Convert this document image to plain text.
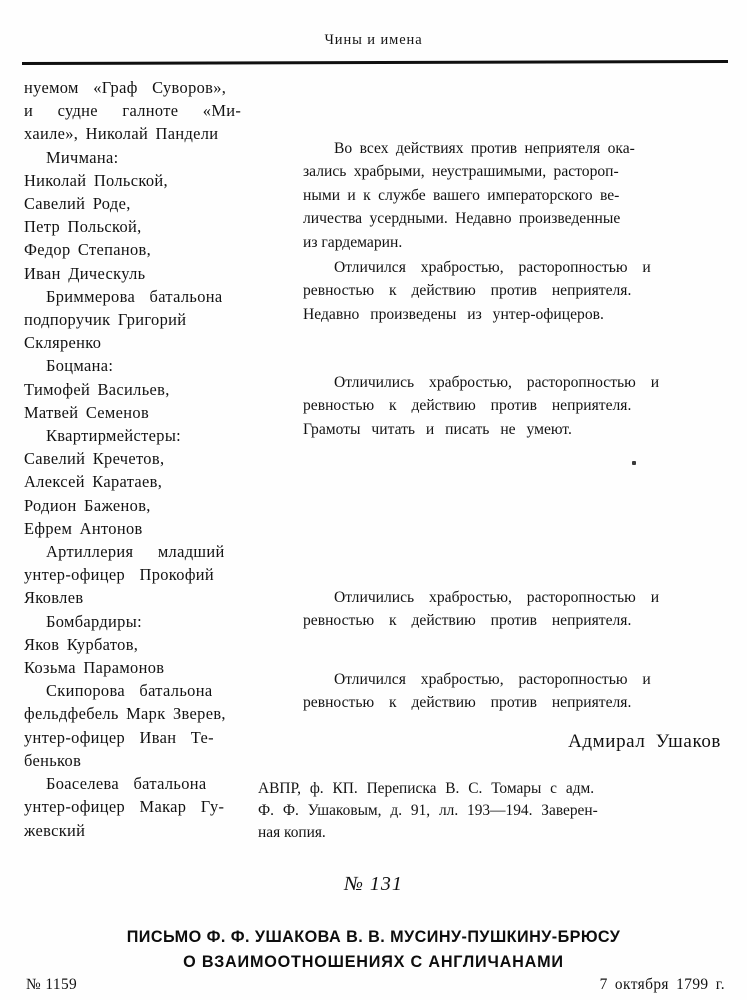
Чины и имена
нуемом «Граф Суворов»,
и судне галноте «Ми-
хаиле», Николай Пандели
Мичмана:
Николай Польской,
Савелий Роде,
Петр Польской,
Федор Степанов,
Иван Дическуль
Бриммерова батальона
подпоручик Григорий
Скляренко
Боцмана:
Тимофей Васильев,
Матвей Семенов
Квартирмейстеры:
Савелий Кречетов,
Алексей Каратаев,
Родион Баженов,
Ефрем Антонов
Артиллерия младший
унтер-офицер Прокофий
Яковлев
Бомбардиры:
Яков Курбатов,
Козьма Парамонов
Скипорова батальона
фельдфебель Марк Зверев,
унтер-офицер Иван Те-
беньков
Боаселева батальона
унтер-офицер Макар Гу-
жевский
Во всех действиях против неприятеля ока-
зались храбрыми, неустрашимыми, растороп-
ными и к службе вашего императорского ве-
личества усердными. Недавно произведенные
из гардемарин.
Отличился храбростью, расторопностью и
ревностью к действию против неприятеля.
Недавно произведены из унтер-офицеров.
Отличились храбростью, расторопностью и
ревностью к действию против неприятеля.
Грамоты читать и писать не умеют.
Отличились храбростью, расторопностью и
ревностью к действию против неприятеля.
Отличился храбростью, расторопностью и
ревностью к действию против неприятеля.
Адмирал Ушаков
АВПР, ф. КП. Переписка В. С. Томары с адм.
Ф. Ф. Ушаковым, д. 91, лл. 193—194. Заверен-
ная копия.
№ 131
ПИСЬМО Ф. Ф. УШАКОВА В. В. МУСИНУ-ПУШКИНУ-БРЮСУ
О ВЗАИМООТНОШЕНИЯХ С АНГЛИЧАНАМИ
№ 1159	7 октября 1799 г.
